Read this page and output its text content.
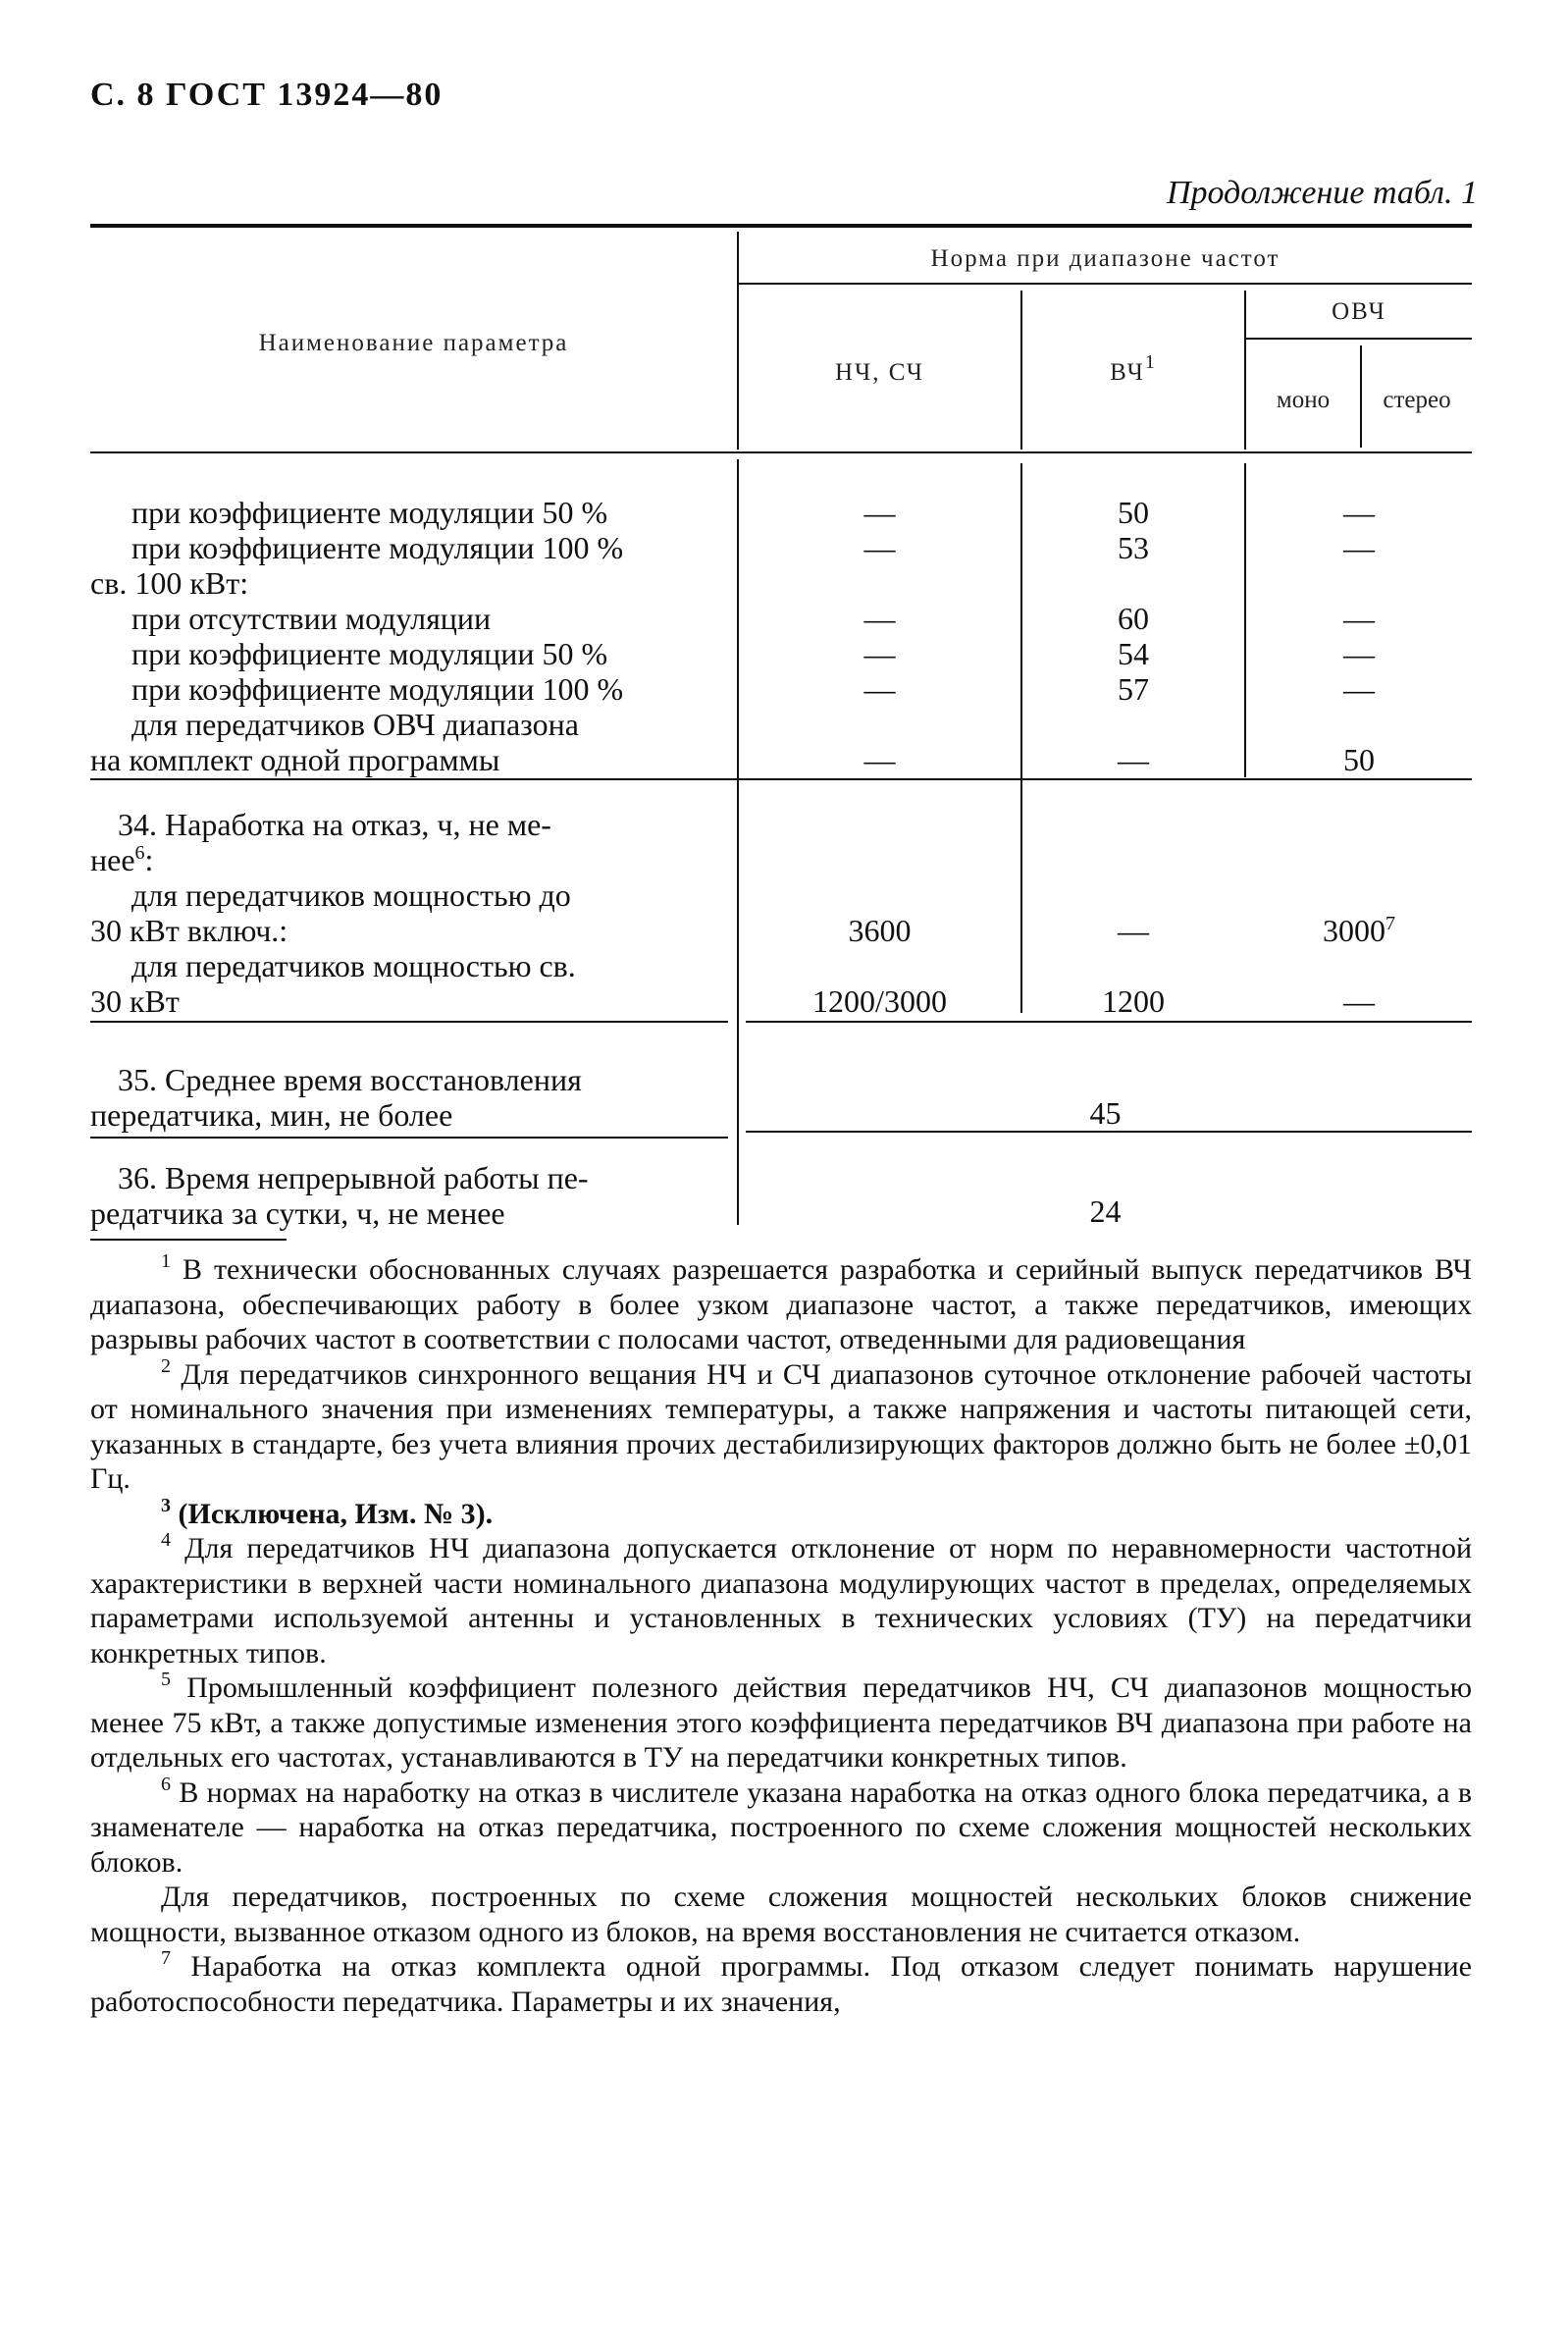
С. 8 ГОСТ 13924—80
Продолжение табл. 1
Наименование параметра
Норма при диапазоне частот
НЧ, СЧ	$ВЧ^1$
ОВЧ
моно	стерео
при коэффициенте модуляции 50 %	—	50	—
при коэффициенте модуляции 100 %	—	53	—
св. 100 кВт:
при отсутствии модуляции	—	60	—
при коэффициенте модуляции 50 %	—	54	—
при коэффициенте модуляции 100 %	—	57	—
для передатчиков ОВЧ диапазона
на комплект одной программы	—	—	50
34. Наработка на отказ, ч, не ме-
нее$^6$:
для передатчиков мощностью до
30 кВт включ.:	3600	—	3000$^7$
для передатчиков мощностью св.
30 кВт	1200/3000	1200	—
35. Среднее время восстановления
передатчика, мин, не более	45
36. Время непрерывной работы пе-
редатчика за сутки, ч, не менее	24

$^1$ В технически обоснованных случаях разрешается разработка и серийный выпуск передатчиков ВЧ диапазона, обеспечивающих работу в более узком диапазоне частот, а также передатчиков, имеющих разрывы рабочих частот в соответствии с полосами частот, отведенными для радиовещания

$^2$ Для передатчиков синхронного вещания НЧ и СЧ диапазонов суточное отклонение рабочей частоты от номинального значения при изменениях температуры, а также напряжения и частоты питающей сети, указанных в стандарте, без учета влияния прочих дестабилизирующих факторов должно быть не более ±0,01 Гц.

$^3$ (Исключена, Изм. № 3).

$^4$ Для передатчиков НЧ диапазона допускается отклонение от норм по неравномерности частотной характеристики в верхней части номинального диапазона модулирующих частот в пределах, определяемых параметрами используемой антенны и установленных в технических условиях (ТУ) на передатчики конкретных типов.

$^5$ Промышленный коэффициент полезного действия передатчиков НЧ, СЧ диапазонов мощностью менее 75 кВт, а также допустимые изменения этого коэффициента передатчиков ВЧ диапазона при работе на отдельных его частотах, устанавливаются в ТУ на передатчики конкретных типов.

$^6$ В нормах на наработку на отказ в числителе указана наработка на отказ одного блока передатчика, а в знаменателе — наработка на отказ передатчика, построенного по схеме сложения мощностей нескольких блоков.

Для передатчиков, построенных по схеме сложения мощностей нескольких блоков снижение мощности, вызванное отказом одного из блоков, на время восстановления не считается отказом.

$^7$ Наработка на отказ комплекта одной программы. Под отказом следует понимать нарушение работоспособности передатчика. Параметры и их значения,
